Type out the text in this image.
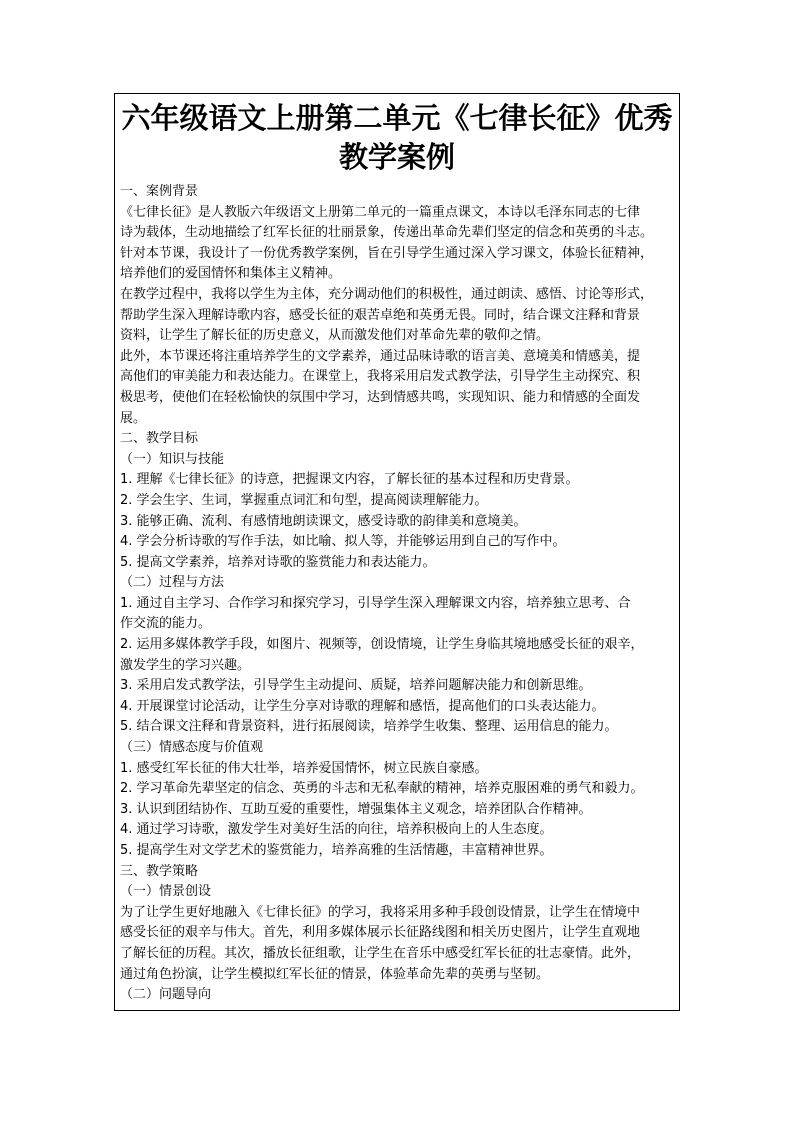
六年级语文上册第二单元《七律长征》优秀
教学案例
一、案例背景
《七律长征》是人教版六年级语文上册第二单元的一篇重点课文，本诗以毛泽东同志的七律
诗为载体，生动地描绘了红军长征的壮丽景象，传递出革命先辈们坚定的信念和英勇的斗志。
针对本节课，我设计了一份优秀教学案例，旨在引导学生通过深入学习课文，体验长征精神，
培养他们的爱国情怀和集体主义精神。
在教学过程中，我将以学生为主体，充分调动他们的积极性，通过朗读、感悟、讨论等形式，
帮助学生深入理解诗歌内容，感受长征的艰苦卓绝和英勇无畏。同时，结合课文注释和背景
资料，让学生了解长征的历史意义，从而激发他们对革命先辈的敬仰之情。
此外，本节课还将注重培养学生的文学素养，通过品味诗歌的语言美、意境美和情感美，提
高他们的审美能力和表达能力。在课堂上，我将采用启发式教学法，引导学生主动探究、积
极思考，使他们在轻松愉快的氛围中学习，达到情感共鸣，实现知识、能力和情感的全面发
展。
二、教学目标
（一）知识与技能
1. 理解《七律长征》的诗意，把握课文内容，了解长征的基本过程和历史背景。
2. 学会生字、生词，掌握重点词汇和句型，提高阅读理解能力。
3. 能够正确、流利、有感情地朗读课文，感受诗歌的韵律美和意境美。
4. 学会分析诗歌的写作手法，如比喻、拟人等，并能够运用到自己的写作中。
5. 提高文学素养，培养对诗歌的鉴赏能力和表达能力。
（二）过程与方法
1. 通过自主学习、合作学习和探究学习，引导学生深入理解课文内容，培养独立思考、合
作交流的能力。
2. 运用多媒体教学手段，如图片、视频等，创设情境，让学生身临其境地感受长征的艰辛，
激发学生的学习兴趣。
3. 采用启发式教学法，引导学生主动提问、质疑，培养问题解决能力和创新思维。
4. 开展课堂讨论活动，让学生分享对诗歌的理解和感悟，提高他们的口头表达能力。
5. 结合课文注释和背景资料，进行拓展阅读，培养学生收集、整理、运用信息的能力。
（三）情感态度与价值观
1. 感受红军长征的伟大壮举，培养爱国情怀，树立民族自豪感。
2. 学习革命先辈坚定的信念、英勇的斗志和无私奉献的精神，培养克服困难的勇气和毅力。
3. 认识到团结协作、互助互爱的重要性，增强集体主义观念，培养团队合作精神。
4. 通过学习诗歌，激发学生对美好生活的向往，培养积极向上的人生态度。
5. 提高学生对文学艺术的鉴赏能力，培养高雅的生活情趣，丰富精神世界。
三、教学策略
（一）情景创设
为了让学生更好地融入《七律长征》的学习，我将采用多种手段创设情景，让学生在情境中
感受长征的艰辛与伟大。首先，利用多媒体展示长征路线图和相关历史图片，让学生直观地
了解长征的历程。其次，播放长征组歌，让学生在音乐中感受红军长征的壮志豪情。此外，
通过角色扮演，让学生模拟红军长征的情景，体验革命先辈的英勇与坚韧。
（二）问题导向
